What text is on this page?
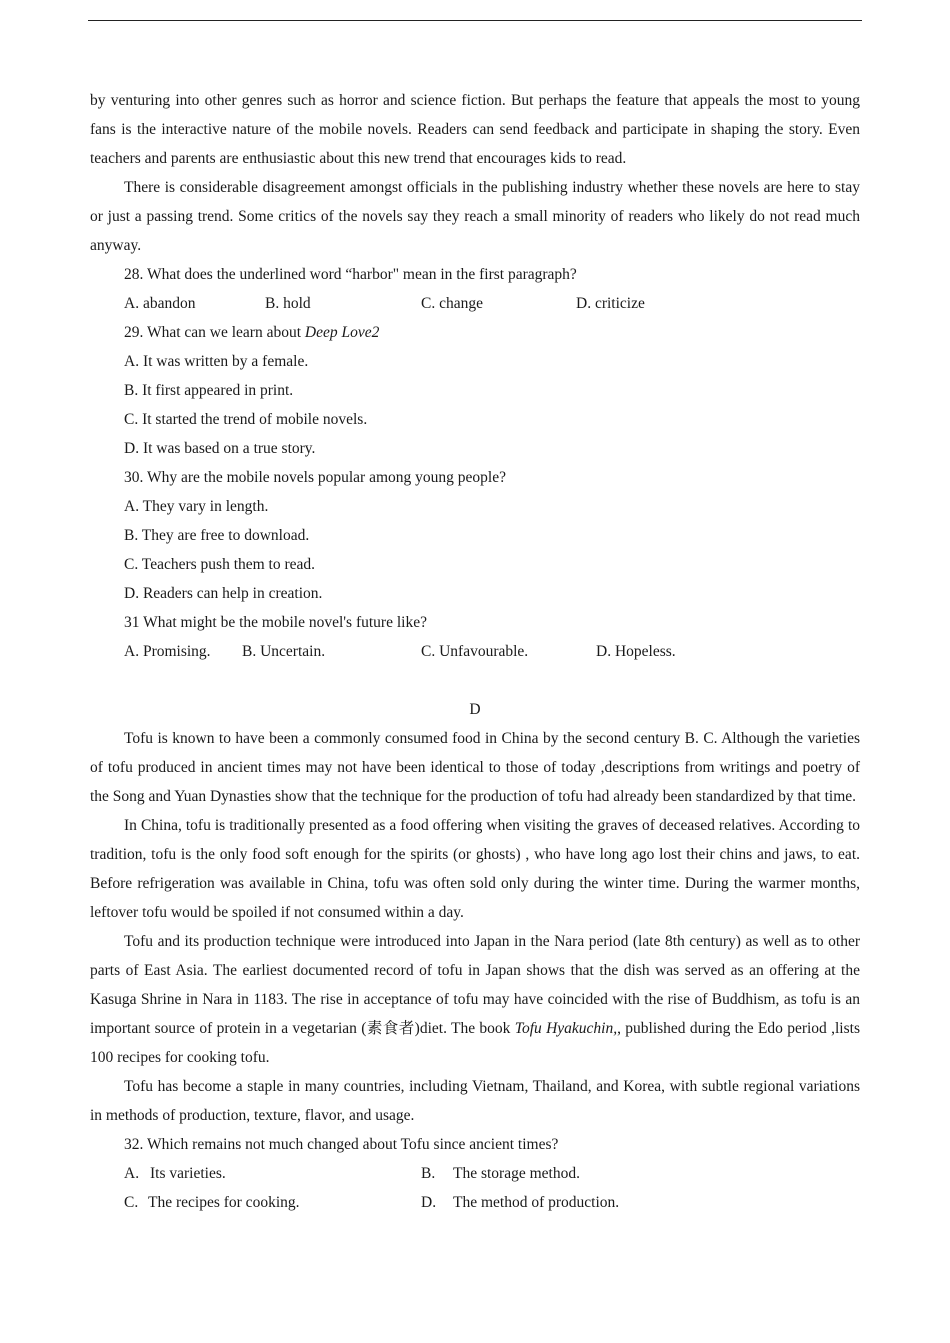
by venturing into other genres such as horror and science fiction. But perhaps the feature that appeals the most to young fans is the interactive nature of the mobile novels. Readers can send feedback and participate in shaping the story. Even teachers and parents are enthusiastic about this new trend that encourages kids to read.

There is considerable disagreement amongst officials in the publishing industry whether these novels are here to stay or just a passing trend. Some critics of the novels say they reach a small minority of readers who likely do not read much anyway.

28. What does the underlined word “harbor" mean in the first paragraph?

A. abandon	B. hold	C. change	D. criticize

29. What can we learn about Deep Love2

A. It was written by a female.

B. It first appeared in print.

C. It started the trend of mobile novels.

D. It was based on a true story.

30. Why are the mobile novels popular among young people?

A. They vary in length.

B. They are free to download.

C. Teachers push them to read.

D. Readers can help in creation.

31 What might be the mobile novel's future like?

A. Promising. B. Uncertain.	C. Unfavourable.	D. Hopeless.

D

Tofu is known to have been a commonly consumed food in China by the second century B. C. Although the varieties of tofu produced in ancient times may not have been identical to those of today ,descriptions from writings and poetry of the Song and Yuan Dynasties show that the technique for the production of tofu had already been standardized by that time.

In China, tofu is traditionally presented as a food offering when visiting the graves of deceased relatives. According to tradition, tofu is the only food soft enough for the spirits (or ghosts) , who have long ago lost their chins and jaws, to eat. Before refrigeration was available in China, tofu was often sold only during the winter time. During the warmer months, leftover tofu would be spoiled if not consumed within a day.

Tofu and its production technique were introduced into Japan in the Nara period (late 8th century) as well as to other parts of East Asia. The earliest documented record of tofu in Japan shows that the dish was served as an offering at the Kasuga Shrine in Nara in 1183. The rise in acceptance of tofu may have coincided with the rise of Buddhism, as tofu is an important source of protein in a vegetarian (素食者)diet. The book Tofu Hyakuchin,, published during the Edo period ,lists 100 recipes for cooking tofu.

Tofu has become a staple in many countries, including Vietnam, Thailand, and Korea, with subtle regional variations in methods of production, texture, flavor, and usage.

32. Which remains not much changed about Tofu since ancient times?

A. Its varieties.	B. The storage method.
C. The recipes for cooking.	D. The method of production.
